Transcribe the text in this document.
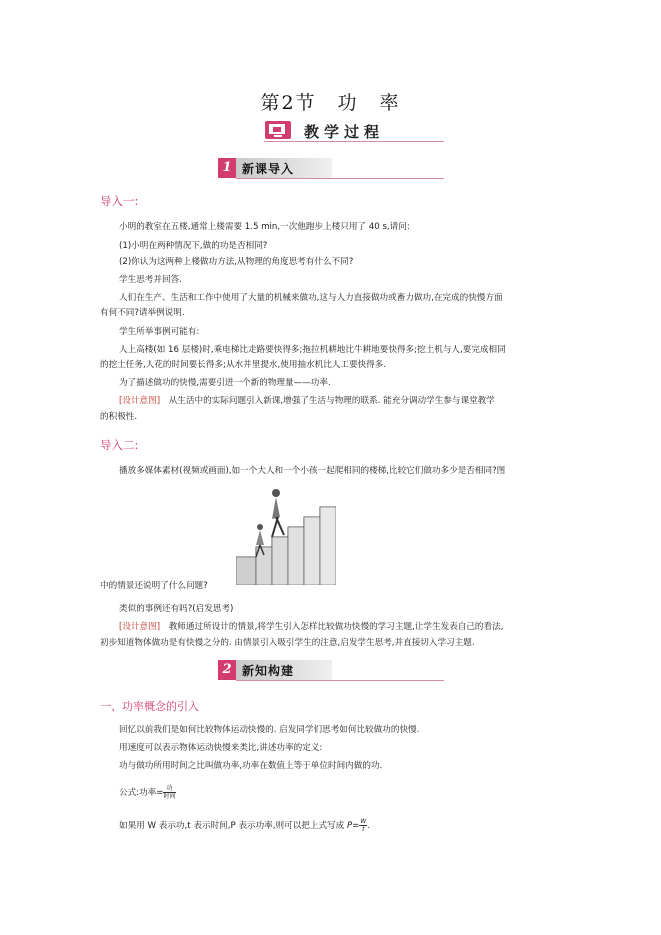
第2节　功　率
教学过程
1 新课导入
导入一:
小明的教室在五楼,通常上楼需要 1.5 min,一次他跑步上楼只用了 40 s,请问:
(1)小明在两种情况下,做的功是否相同?
(2)你认为这两种上楼做功方法,从物理的角度思考有什么不同?
学生思考并回答.
人们在生产、生活和工作中使用了大量的机械来做功,这与人力直接做功或畜力做功,在完成的快慢方面
有何不同?请举例说明.
学生所举事例可能有:
人上高楼(如 16 层楼)时,乘电梯比走路要快得多;拖拉机耕地比牛耕地要快得多;挖土机与人,要完成相同
的挖土任务,人花的时间要长得多;从水井里提水,使用抽水机比人工要快得多.
为了描述做功的快慢,需要引进一个新的物理量——功率.
[设计意图]　从生活中的实际问题引入新课,增强了生活与物理的联系. 能充分调动学生参与课堂教学
的积极性.
导入二:
播放多媒体素材(视频或画面),如一个大人和一个小孩一起爬相同的楼梯,比较它们做功多少是否相同?图
中的情景还说明了什么问题?
类似的事例还有吗?(启发思考)
[设计意图]　教师通过所设计的情景,将学生引入怎样比较做功快慢的学习主题,让学生发表自己的看法,
初步知道物体做功是有快慢之分的. 由情景引入吸引学生的注意,启发学生思考,并直接切入学习主题.
2 新知构建
一、功率概念的引入
回忆以前我们是如何比较物体运动快慢的. 启发同学们思考如何比较做功的快慢.
用速度可以表示物体运动快慢来类比,讲述功率的定义:
功与做功所用时间之比叫做功率,功率在数值上等于单位时间内做的功.
公式:功率= $\frac{\text{功}}{\text{时间}}$
如果用 W 表示功,t 表示时间,P 表示功率,则可以把上式写成 $P= \frac{W}{t}$ .
